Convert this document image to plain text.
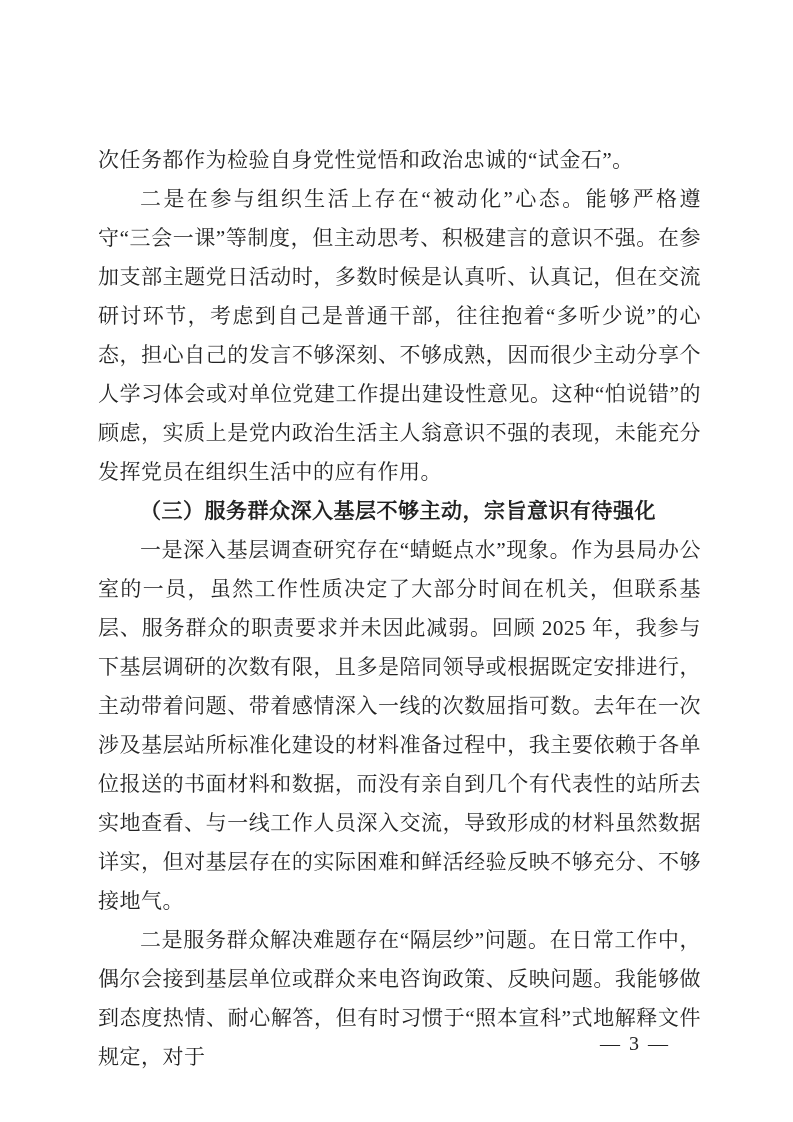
次任务都作为检验自身党性觉悟和政治忠诚的“试金石”。

二是在参与组织生活上存在“被动化”心态。能够严格遵守“三会一课”等制度，但主动思考、积极建言的意识不强。在参加支部主题党日活动时，多数时候是认真听、认真记，但在交流研讨环节，考虑到自己是普通干部，往往抱着“多听少说”的心态，担心自己的发言不够深刻、不够成熟，因而很少主动分享个人学习体会或对单位党建工作提出建设性意见。这种“怕说错”的顾虑，实质上是党内政治生活主人翁意识不强的表现，未能充分发挥党员在组织生活中的应有作用。

（三）服务群众深入基层不够主动，宗旨意识有待强化

一是深入基层调查研究存在“蜻蜓点水”现象。作为县局办公室的一员，虽然工作性质决定了大部分时间在机关，但联系基层、服务群众的职责要求并未因此减弱。回顾 2025 年，我参与下基层调研的次数有限，且多是陪同领导或根据既定安排进行，主动带着问题、带着感情深入一线的次数屈指可数。去年在一次涉及基层站所标准化建设的材料准备过程中，我主要依赖于各单位报送的书面材料和数据，而没有亲自到几个有代表性的站所去实地查看、与一线工作人员深入交流，导致形成的材料虽然数据详实，但对基层存在的实际困难和鲜活经验反映不够充分、不够接地气。

二是服务群众解决难题存在“隔层纱”问题。在日常工作中，偶尔会接到基层单位或群众来电咨询政策、反映问题。我能够做到态度热情、耐心解答，但有时习惯于“照本宣科”式地解释文件规定，对于

— 3 —
